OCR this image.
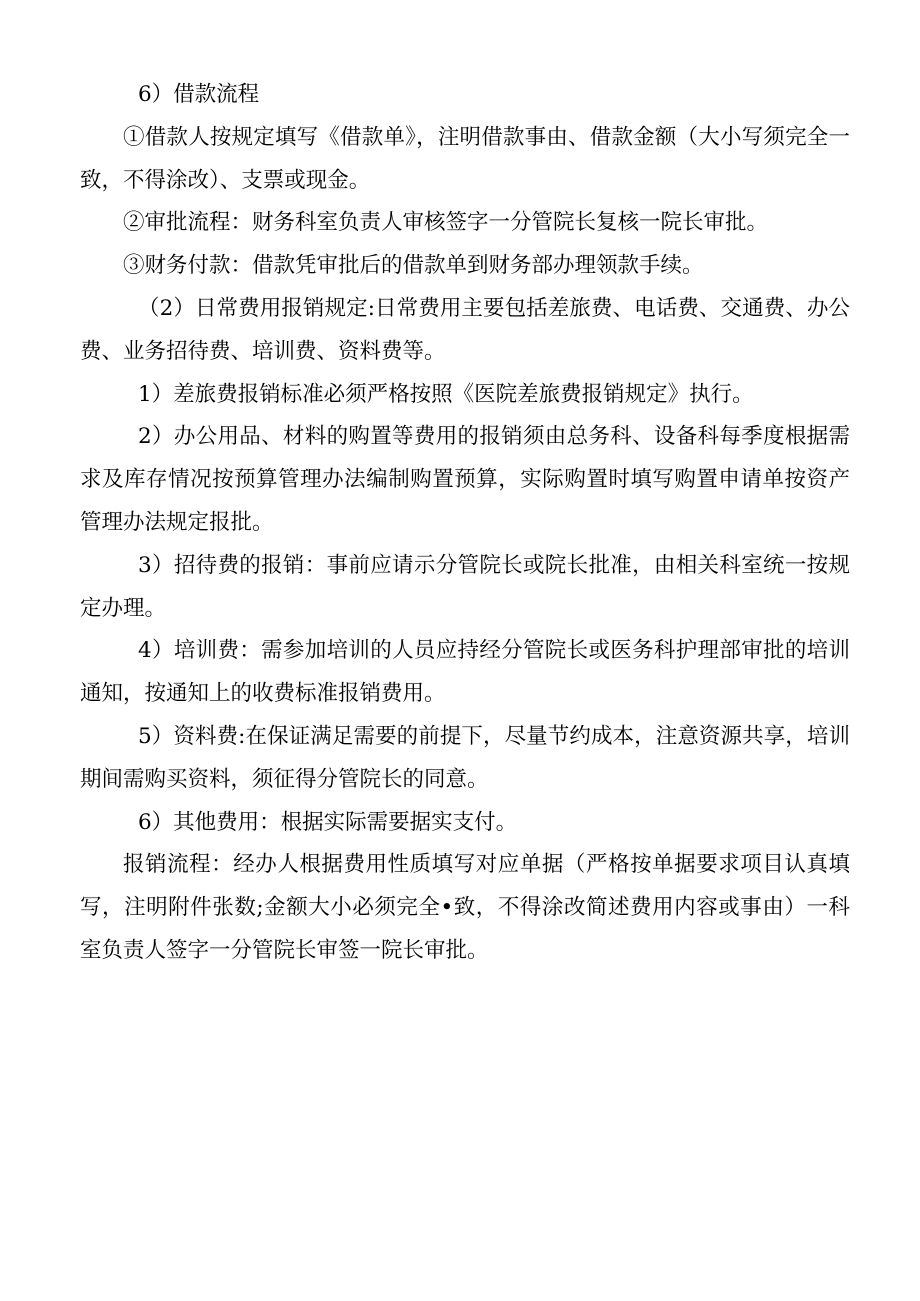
6）借款流程

①借款人按规定填写《借款单》，注明借款事由、借款金额（大小写须完全一致，不得涂改）、支票或现金。

②审批流程：财务科室负责人审核签字一分管院长复核一院长审批。

③财务付款：借款凭审批后的借款单到财务部办理领款手续。

（2）日常费用报销规定:日常费用主要包括差旅费、电话费、交通费、办公费、业务招待费、培训费、资料费等。

1）差旅费报销标准必须严格按照《医院差旅费报销规定》执行。

2）办公用品、材料的购置等费用的报销须由总务科、设备科每季度根据需求及库存情况按预算管理办法编制购置预算，实际购置时填写购置申请单按资产管理办法规定报批。

3）招待费的报销：事前应请示分管院长或院长批准，由相关科室统一按规定办理。

4）培训费：需参加培训的人员应持经分管院长或医务科护理部审批的培训通知，按通知上的收费标准报销费用。

5）资料费:在保证满足需要的前提下，尽量节约成本，注意资源共享，培训期间需购买资料，须征得分管院长的同意。

6）其他费用：根据实际需要据实支付。

报销流程：经办人根据费用性质填写对应单据（严格按单据要求项目认真填写，注明附件张数;金额大小必须完全•致，不得涂改简述费用内容或事由）一科室负责人签字一分管院长审签一院长审批。
